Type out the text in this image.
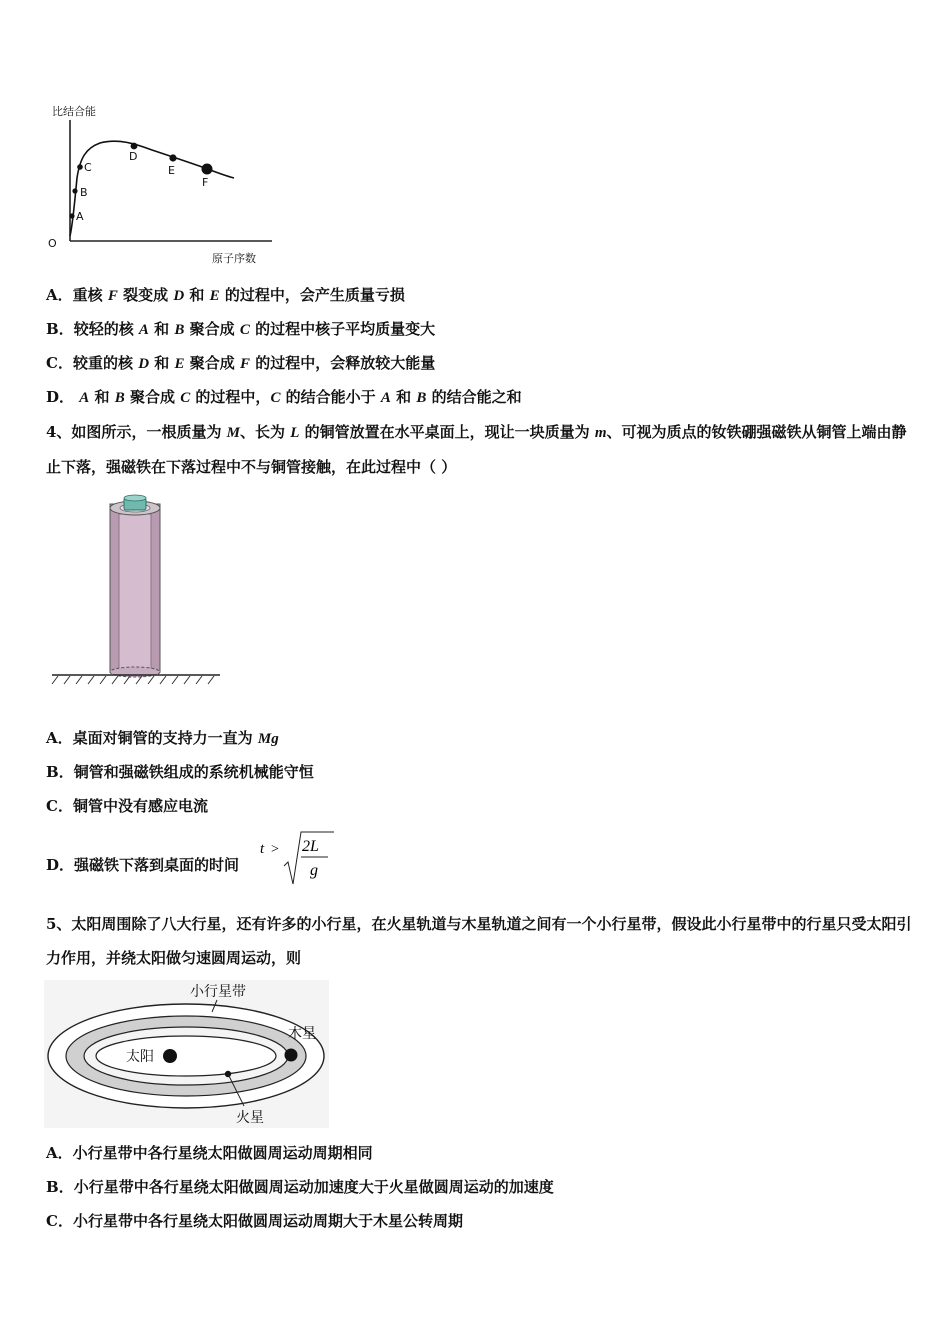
比结合能
O
原子序数
A
B
C
D
E
F
A．重核 F 裂变成 D 和 E 的过程中，会产生质量亏损
B．较轻的核 A 和 B 聚合成 C 的过程中核子平均质量变大
C．较重的核 D 和 E 聚合成 F 的过程中，会释放较大能量
D． A 和 B 聚合成 C 的过程中，C 的结合能小于 A 和 B 的结合能之和
4、如图所示，一根质量为 M、长为 L 的铜管放置在水平桌面上，现让一块质量为 m、可视为质点的钕铁硼强磁铁从铜管上端由静止下落，强磁铁在下落过程中不与铜管接触，在此过程中（ ）
A．桌面对铜管的支持力一直为 Mg
B．铜管和强磁铁组成的系统机械能守恒
C．铜管中没有感应电流
D．强磁铁下落到桌面的时间
t > 2L
g
5、太阳周围除了八大行星，还有许多的小行星，在火星轨道与木星轨道之间有一个小行星带，假设此小行星带中的行星只受太阳引力作用，并绕太阳做匀速圆周运动，则
小行星带
木星
太阳
火星
A．小行星带中各行星绕太阳做圆周运动周期相同
B．小行星带中各行星绕太阳做圆周运动加速度大于火星做圆周运动的加速度
C．小行星带中各行星绕太阳做圆周运动周期大于木星公转周期
